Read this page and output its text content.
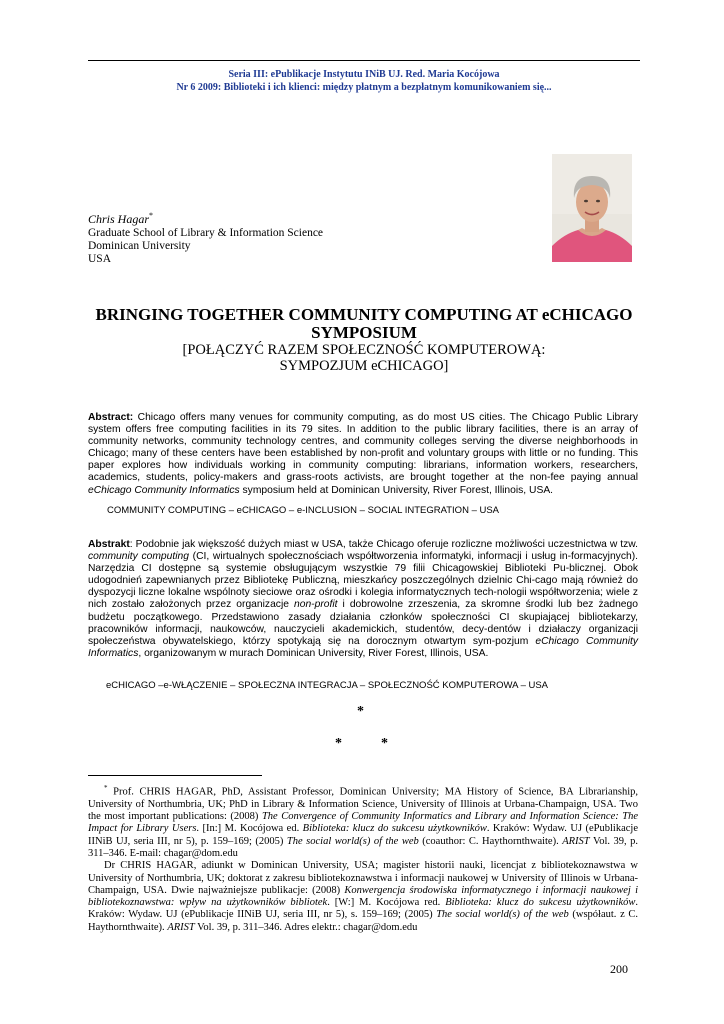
Seria III: ePublikacje Instytutu INiB UJ. Red. Maria Kocójowa
Nr 6 2009: Biblioteki i ich klienci: między płatnym a bezpłatnym komunikowaniem się...
Chris Hagar*
Graduate School of Library & Information Science
Dominican University
USA
BRINGING TOGETHER COMMUNITY COMPUTING AT eCHICAGO
SYMPOSIUM
[POŁĄCZYĆ RAZEM SPOŁECZNOŚĆ KOMPUTEROWĄ:
SYMPOZJUM eCHICAGO]
Abstract: Chicago offers many venues for community computing, as do most US cities. The Chicago Public Library system offers free computing facilities in its 79 sites. In addition to the public library facilities, there is an array of community networks, community technology centres, and community colleges serving the diverse neighborhoods in Chicago; many of these centers have been established by non-profit and voluntary groups with little or no funding. This paper explores how individuals working in community computing: librarians, information workers, researchers, academics, students, policy-makers and grass-roots activists, are brought together at the non-fee paying annual eChicago Community Informatics symposium held at Dominican University, River Forest, Illinois, USA.
COMMUNITY COMPUTING – eCHICAGO – e-INCLUSION – SOCIAL INTEGRATION – USA
Abstrakt: Podobnie jak większość dużych miast w USA, także Chicago oferuje rozliczne możliwości uczestnictwa w tzw. community computing (CI, wirtualnych społecznościach współtworzenia informatyki, informacji i usług in-formacyjnych). Narzędzia CI dostępne są systemie obsługującym wszystkie 79 filii Chicagowskiej Biblioteki Pu-blicznej. Obok udogodnień zapewnianych przez Bibliotekę Publiczną, mieszkańcy poszczególnych dzielnic Chi-cago mają również do dyspozycji liczne lokalne wspólnoty sieciowe oraz ośrodki i kolegia informatycznych tech-nologii współtworzenia; wiele z nich zostało założonych przez organizacje non-profit i dobrowolne zrzeszenia, za skromne środki lub bez żadnego budżetu początkowego. Przedstawiono zasady działania członków społeczności CI skupiającej bibliotekarzy, pracowników informacji, naukowców, nauczycieli akademickich, studentów, decy-dentów i działaczy organizacji społeczeństwa obywatelskiego, którzy spotykają się na dorocznym otwartym sym-pozjum eChicago Community Informatics, organizowanym w murach Dominican University, River Forest, Illinois, USA.
eCHICAGO –e-WŁĄCZENIE – SPOŁECZNA INTEGRACJA – SPOŁECZNOŚĆ KOMPUTEROWA – USA
*
*	*

* Prof. CHRIS HAGAR, PhD, Assistant Professor, Dominican University; MA History of Science, BA Librarianship, University of Northumbria, UK; PhD in Library & Information Science, University of Illinois at Urbana-Champaign, USA. Two the most important publications: (2008) The Convergence of Community Informatics and Library and Information Science: The Impact for Library Users. [In:] M. Kocójowa ed. Biblioteka: klucz do sukcesu użytkowników. Kraków: Wydaw. UJ (ePublikacje IINiB UJ, seria III, nr 5), p. 159–169; (2005) The social world(s) of the web (coauthor: C. Haythornthwaite). ARIST Vol. 39, p. 311–346. E-mail: chagar@dom.edu

Dr CHRIS HAGAR, adiunkt w Dominican University, USA; magister historii nauki, licencjat z bibliotekoznawstwa w University of Northumbria, UK; doktorat z zakresu bibliotekoznawstwa i informacji naukowej w University of Illinois w Urbana-Champaign, USA. Dwie najważniejsze publikacje: (2008) Konwergencja środowiska informatycznego i informacji naukowej i bibliotekoznawstwa: wpływ na użytkowników bibliotek. [W:] M. Kocójowa red. Biblioteka: klucz do sukcesu użytkowników. Kraków: Wydaw. UJ (ePublikacje IINiB UJ, seria III, nr 5), s. 159–169; (2005) The social world(s) of the web (współaut. z C. Haythornthwaite). ARIST Vol. 39, p. 311–346. Adres elektr.: chagar@dom.edu

200
